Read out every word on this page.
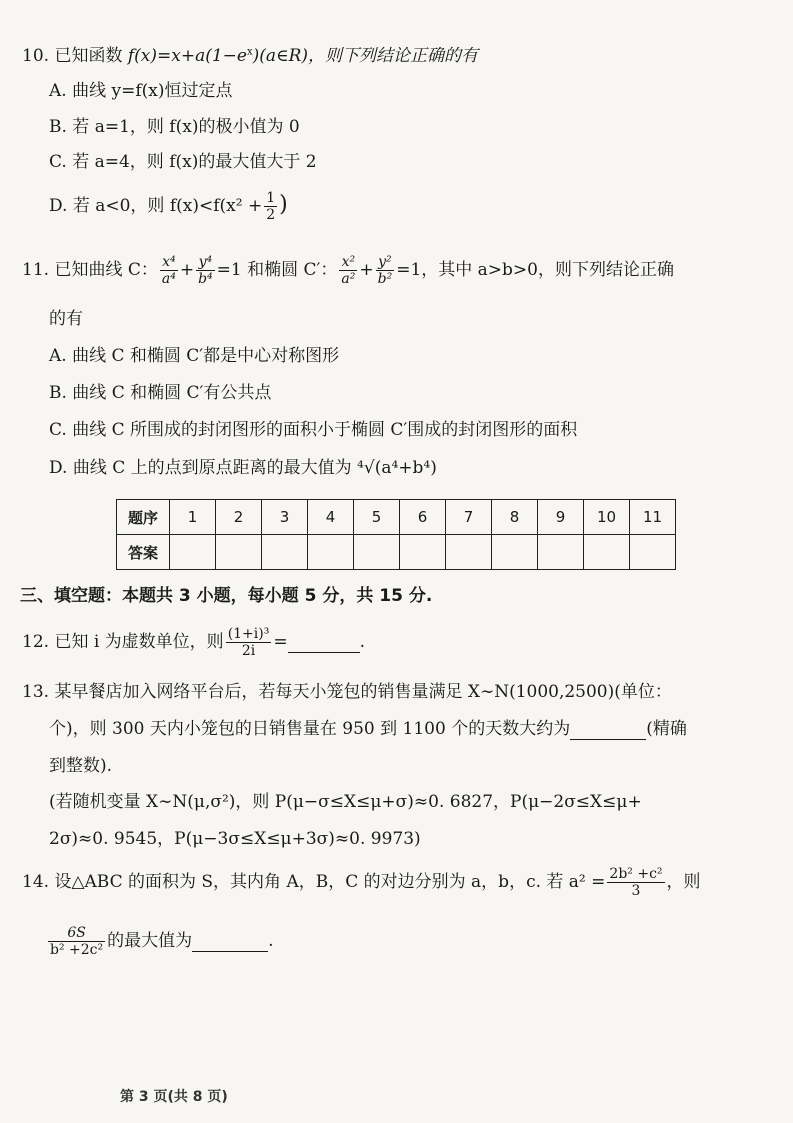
10. 已知函数 $f(x)=x+a(1-e^x)(a\in R)$，则下列结论正确的有
A. 曲线 y=f(x)恒过定点
B. 若 a=1，则 f(x)的极小值为 0
C. 若 a=4，则 f(x)的最大值大于 2
D. 若 a<0，则 $f(x)<f(x^2 + \frac{1}{2}$ )
11. 已知曲线 C： $\frac{\text{x⁴}}{\text{a⁴}} + \frac{\text{y⁴}}{\text{b⁴}} =1$ 和椭圆 C′： $\frac{\text{x²}}{\text{a²}} + \frac{\text{y²}}{\text{b²}} =1$，其中 a>b>0，则下列结论正确
的有
A. 曲线 C 和椭圆 C′都是中心对称图形
B. 曲线 C 和椭圆 C′有公共点
C. 曲线 C 所围成的封闭图形的面积小于椭圆 C′围成的封闭图形的面积
D. 曲线 C 上的点到原点距离的最大值为 ⁴√(a⁴+b⁴)
题序	1	2	3	4	5	6	7	8	9	10	11
答案											
三、填空题：本题共 3 小题，每小题 5 分，共 15 分.
12. 已知 i 为虚数单位，则 $\frac{\text{(1+i)³}}{2i}$ =	.
13. 某早餐店加入网络平台后，若每天小笼包的销售量满足 X∼N(1000,2500)(单位：
个)，则 300 天内小笼包的日销售量在 950 到 1100 个的天数大约为	(精确
到整数).
(若随机变量 X∼N(μ,σ²)，则 P(μ−σ≤X≤μ+σ)≈0. 6827，P(μ−2σ≤X≤μ+
2σ)≈0. 9545，P(μ−3σ≤X≤μ+3σ)≈0. 9973)
14. 设△ABC 的面积为 S，其内角 A，B，C 的对边分别为 a，b，c. 若 $a^2 = \frac{\text{2b² +c²}}{3}$ ，则
$\frac{6S}{\text{b² +2c²}}$ 的最大值为	.
第 3 页(共 8 页)
